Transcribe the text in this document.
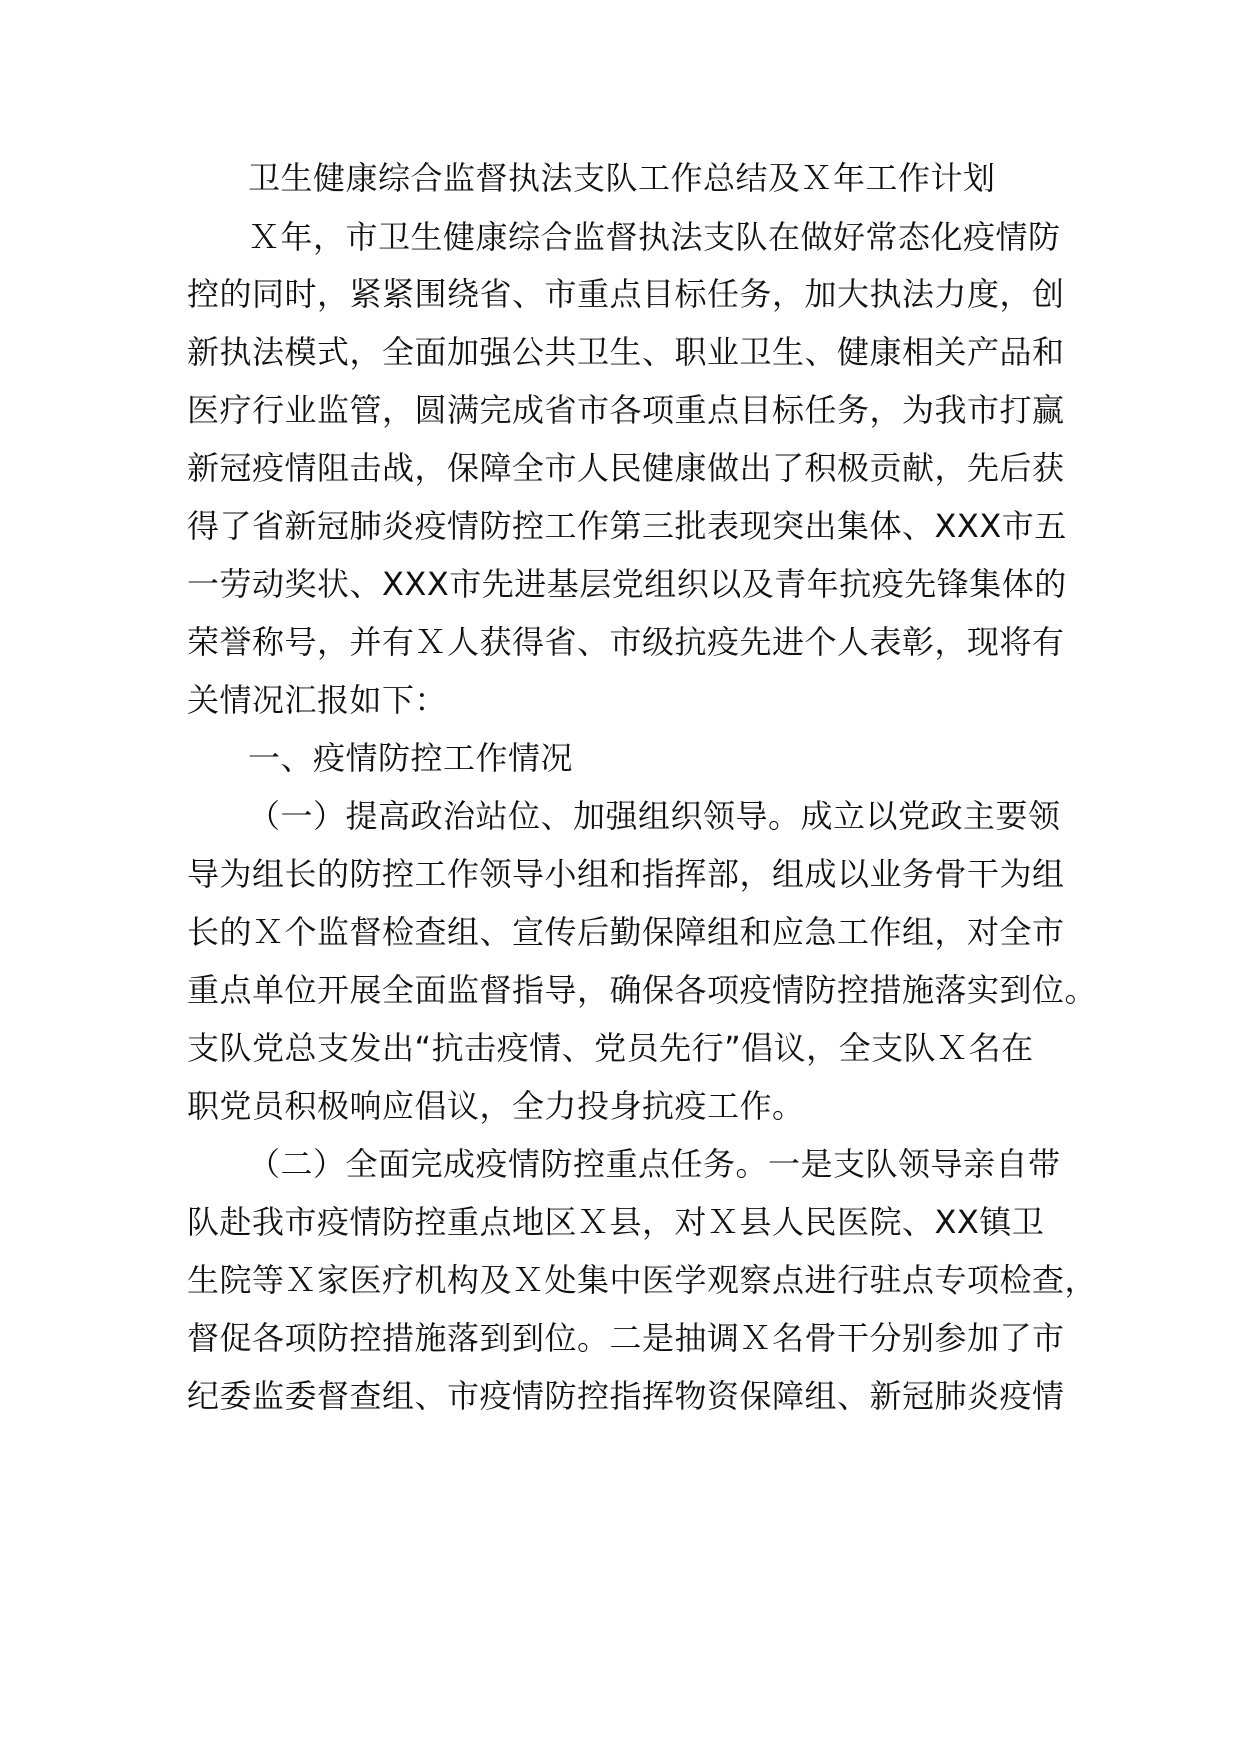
卫生健康综合监督执法支队工作总结及Ｘ年工作计划
Ｘ年，市卫生健康综合监督执法支队在做好常态化疫情防
控的同时，紧紧围绕省、市重点目标任务，加大执法力度，创
新执法模式，全面加强公共卫生、职业卫生、健康相关产品和
医疗行业监管，圆满完成省市各项重点目标任务，为我市打赢
新冠疫情阻击战，保障全市人民健康做出了积极贡献，先后获
得了省新冠肺炎疫情防控工作第三批表现突出集体、XXX市五
一劳动奖状、XXX市先进基层党组织以及青年抗疫先锋集体的
荣誉称号，并有Ｘ人获得省、市级抗疫先进个人表彰，现将有
关情况汇报如下：
一、疫情防控工作情况
（一）提高政治站位、加强组织领导。成立以党政主要领
导为组长的防控工作领导小组和指挥部，组成以业务骨干为组
长的Ｘ个监督检查组、宣传后勤保障组和应急工作组，对全市
重点单位开展全面监督指导，确保各项疫情防控措施落实到位。
支队党总支发出“抗击疫情、党员先行”倡议，全支队Ｘ名在
职党员积极响应倡议，全力投身抗疫工作。
（二）全面完成疫情防控重点任务。一是支队领导亲自带
队赴我市疫情防控重点地区Ｘ县，对Ｘ县人民医院、XX镇卫
生院等Ｘ家医疗机构及Ｘ处集中医学观察点进行驻点专项检查，
督促各项防控措施落到到位。二是抽调Ｘ名骨干分别参加了市
纪委监委督查组、市疫情防控指挥物资保障组、新冠肺炎疫情
